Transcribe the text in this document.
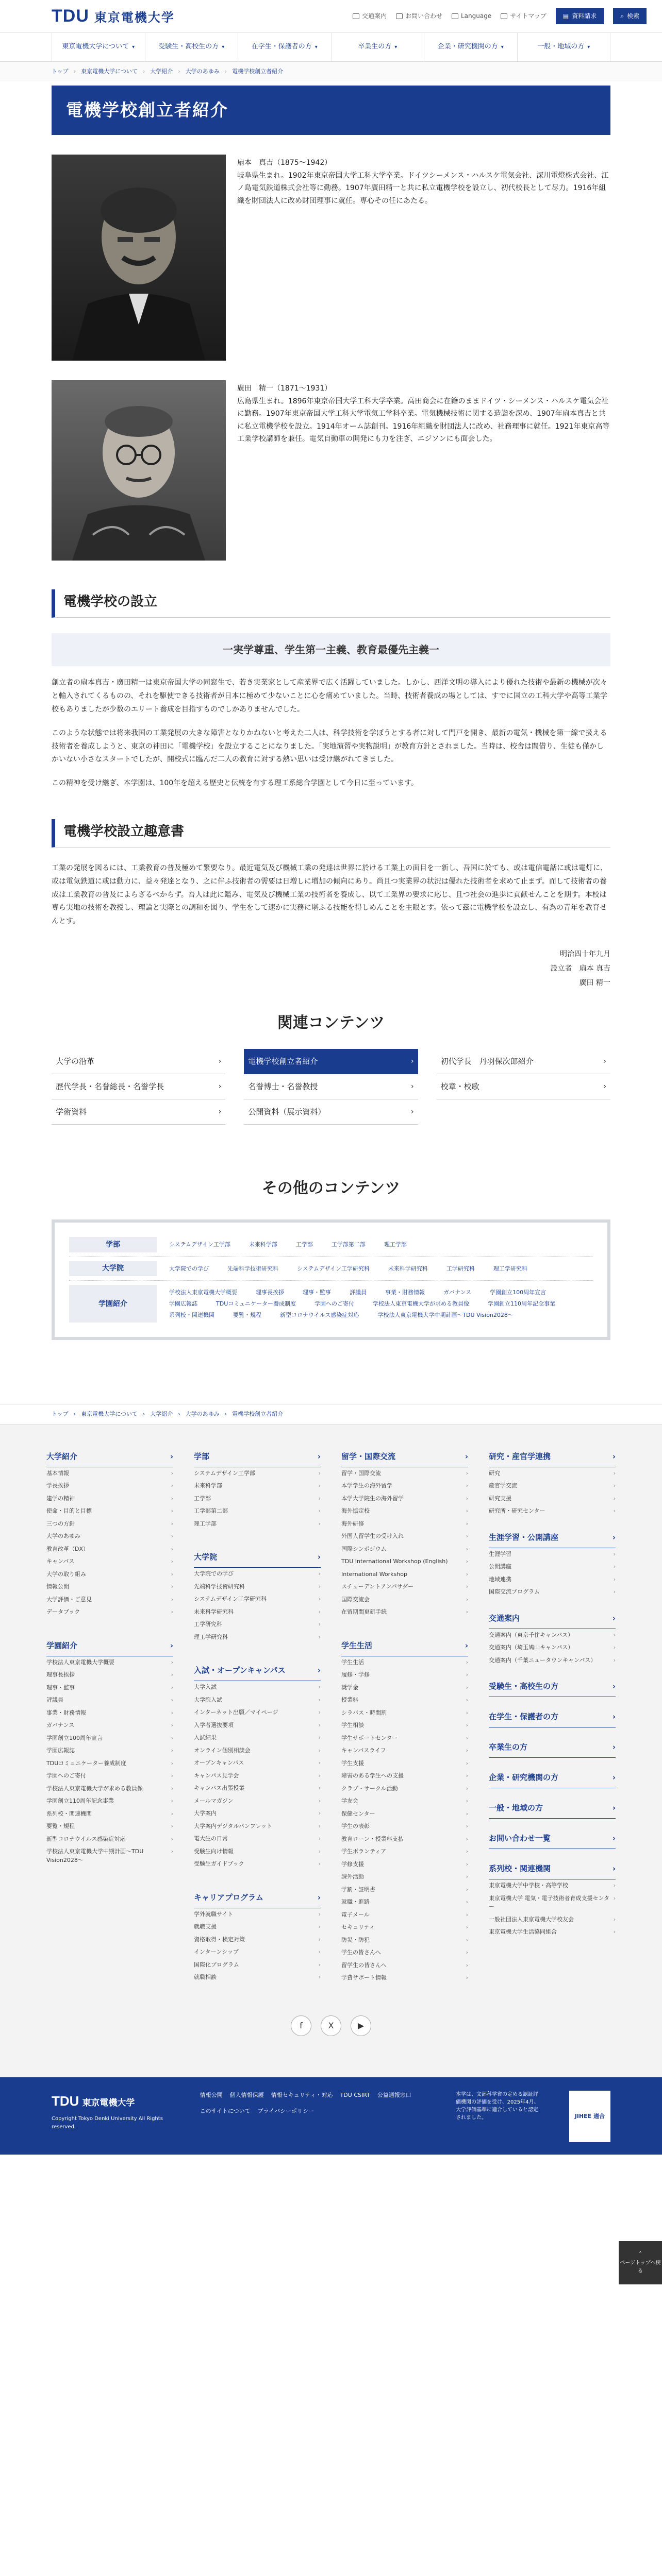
TDU 東京電機大学	交通案内	お問い合わせ	Language	サイトマップ	▤ 資料請求	⌕ 検索
東京電機大学について ▾	受験生・高校生の方 ▾	在学生・保護者の方 ▾	卒業生の方 ▾	企業・研究機関の方 ▾	一般・地域の方 ▾
トップ › 東京電機大学について › 大学紹介 › 大学のあゆみ › 電機学校創立者紹介
電機学校創立者紹介

扇本　真吉（1875〜1942）

岐阜県生まれ。1902年東京帝国大学工科大学卒業。ドイツシーメンス・ハルスケ電気会社、深川電燈株式会社、江ノ島電気鉄道株式会社等に勤務。1907年廣田精一と共に私立電機学校を設立し、初代校長として尽力。1916年組織を財団法人に改め財団理事に就任。専心その任にあたる。

廣田　精一（1871〜1931）

広島県生まれ。1896年東京帝国大学工科大学卒業。高田商会に在籍のままドイツ・シーメンス・ハルスケ電気会社に勤務。1907年東京帝国大学工科大学電気工学科卒業。電気機械技術に関する造詣を深め、1907年扇本真吉と共に私立電機学校を設立。1914年オーム誌創刊。1916年組織を財団法人に改め、社務理事に就任。1921年東京高等工業学校講師を兼任。電気自動車の開発にも力を注ぎ、エジソンにも面会した。

電機学校の設立
一実学尊重、学生第一主義、教育最優先主義一

創立者の扇本真吉・廣田精一は東京帝国大学の同窓生で、若き実業家として産業界で広く活躍していました。しかし、西洋文明の導入により優れた技術や最新の機械が次々と輸入されてくるものの、それを駆使できる技術者が日本に極めて少ないことに心を痛めていました。当時、技術者養成の場としては、すでに国立の工科大学や高等工業学校もありましたが少数のエリート養成を目指すものでしかありませんでした。

このような状態では将来我国の工業発展の大きな障害となりかねないと考えた二人は、科学技術を学ぼうとする者に対して門戸を開き、最新の電気・機械を第一線で扱える技術者を養成しようと、東京の神田に「電機学校」を設立することになりました。「実地演習や実物説明」が教育方針とされました。当時は、校舎は間借り、生徒も僅かしかいない小さなスタートでしたが、開校式に臨んだ二人の教育に対する熱い思いは受け継がれてきました。

この精神を受け継ぎ、本学園は、100年を超える歴史と伝統を有する理工系総合学園として今日に至っています。

電機学校設立趣意書

工業の発展を図るには、工業教育の普及極めて緊要なり。最近電気及び機械工業の発達は世界に於ける工業上の面目を一新し、吾国に於ても、或は電信電話に或は電灯に、或は電気鉄道に或は動力に、益々発達となり、之に伴ふ技術者の需要は日増しに増加の傾向にあり。尚且つ実業界の状況は優れた技術者を求めて止まず。而して技術者の養成は工業教育の普及によらざるべからず。吾人は此に鑑み、電気及び機械工業の技術者を養成し、以て工業界の要求に応じ、且つ社会の進歩に貢献せんことを期す。本校は専ら実地の技術を教授し、理論と実際との調和を図り、学生をして速かに実務に堪ふる技能を得しめんことを主眼とす。依って茲に電機学校を設立し、有為の青年を教育せんとす。

明治四十年九月
設立者　扇本 真吉
廣田 精一
関連コンテンツ
大学の沿革	›	電機学校創立者紹介	›	初代学長　丹羽保次郎紹介	›
歴代学長・名誉総長・名誉学長	›	名誉博士・名誉教授	›	校章・校歌	›
学術資料	›	公開資料（展示資料）	›
その他のコンテンツ
学部	システムデザイン工学部	未来科学部	工学部	工学部第二部	理工学部
大学院	大学院での学び	先端科学技術研究科	システムデザイン工学研究科	未来科学研究科	工学研究科	理工学研究科
学園紹介
学校法人東京電機大学概要	理事長挨拶	理事・監事	評議員	事業・財務情報	ガバナンス	学園創立100周年宣言
学園広報誌	TDUコミュニケーター養成制度	学園へのご寄付	学校法人東京電機大学が求める教員像	学園創立110周年記念事業
系列校・関連機関	要覧・規程	新型コロナウイルス感染症対応	学校法人東京電機大学中期計画〜TDU Vision2028〜
トップ › 東京電機大学について › 大学紹介 › 大学のあゆみ › 電機学校創立者紹介
大学紹介	›
基本情報	›
学長挨拶	›
建学の精神	›
使命・目的と目標	›
三つの方針	›
大学のあゆみ	›
教育改革（DX）	›
キャンパス	›
大学の取り組み	›
情報公開	›
大学評価・ご意見	›
データブック	›
学園紹介	›
学校法人東京電機大学概要	›
理事長挨拶	›
理事・監事	›
評議員	›
事業・財務情報	›
ガバナンス	›
学園創立100周年宣言	›
学園広報誌	›
TDUコミュニケーター養成制度	›
学園へのご寄付	›
学校法人東京電機大学が求める教員像	›
学園創立110周年記念事業	›
系列校・関連機関	›
要覧・規程	›
新型コロナウイルス感染症対応	›
学校法人東京電機大学中期計画〜TDU Vision2028〜
›
学部	›
システムデザイン工学部	›
未来科学部	›
工学部	›
工学部第二部	›
理工学部	›
大学院	›
大学院での学び	›
先端科学技術研究科	›
システムデザイン工学研究科	›
未来科学研究科	›
工学研究科	›
理工学研究科	›
入試・オープンキャンパス	›
大学入試	›
大学院入試	›
インターネット出願／マイページ	›
入学者選抜要項	›
入試結果	›
オンライン個別相談会	›
オープンキャンパス	›
キャンパス見学会	›
キャンパス出張授業	›
メールマガジン	›
大学案内	›
大学案内デジタルパンフレット	›
電大生の日常	›
受験生向け情報	›
受験生ガイドブック	›
キャリアプログラム	›
学外就職サイト	›
就職支援	›
資格取得・検定対策	›
インターンシップ	›
国際化プログラム	›
就職相談	›
留学・国際交流	›
留学・国際交流	›
本学学生の海外留学	›
本学大学院生の海外留学	›
海外協定校	›
海外研修	›
外国人留学生の受け入れ	›
国際シンポジウム	›
TDU International Workshop (English)	›
International Workshop	›
スチューデントアンバサダー	›
国際交流会	›
在留期間更新手続	›
学生生活	›
学生生活	›
履修・学修	›
奨学金	›
授業料	›
シラバス・時間割	›
学生相談	›
学生サポートセンター	›
キャンパスライフ	›
学生支援	›
障害のある学生への支援	›
クラブ・サークル活動	›
学友会	›
保健センター	›
学生の表彰	›
教育ローン・授業料支払	›
学生ボランティア	›
学修支援	›
課外活動	›
学割・証明書	›
就職・進路	›
電子メール	›
セキュリティ	›
防災・防犯	›
学生の皆さんへ	›
留学生の皆さんへ	›
学費サポート情報	›
研究・産官学連携	›
研究	›
産官学交流	›
研究支援	›
研究所・研究センター	›
生涯学習・公開講座	›
生涯学習	›
公開講座	›
地域連携	›
国際交流プログラム	›
交通案内	›
交通案内（東京千住キャンパス）	›
交通案内（埼玉鳩山キャンパス）	›
交通案内（千葉ニュータウンキャンパス）	›
受験生・高校生の方	›
在学生・保護者の方	›
卒業生の方	›
企業・研究機関の方	›
一般・地域の方	›
お問い合わせ一覧	›
系列校・関連機関	›
東京電機大学中学校・高等学校	›
東京電機大学 電気・電子技術者育成支援センター
›
一般社団法人東京電機大学校友会	›
東京電機大学生活協同組合	›
f	X	▶
⌃
ページトップへ戻る
TDU 東京電機大学
Copyright Tokyo Denki University All Rights reserved.
情報公開 個人情報保護 情報セキュリティ・対応 TDU CSIRT 公益通報窓口
このサイトについて プライバシーポリシー
本学は、文部科学省の定める認証評価機関の評価を受け、2025年4月、大学評価基準に適合していると認定されました。	JIHEE 適合
